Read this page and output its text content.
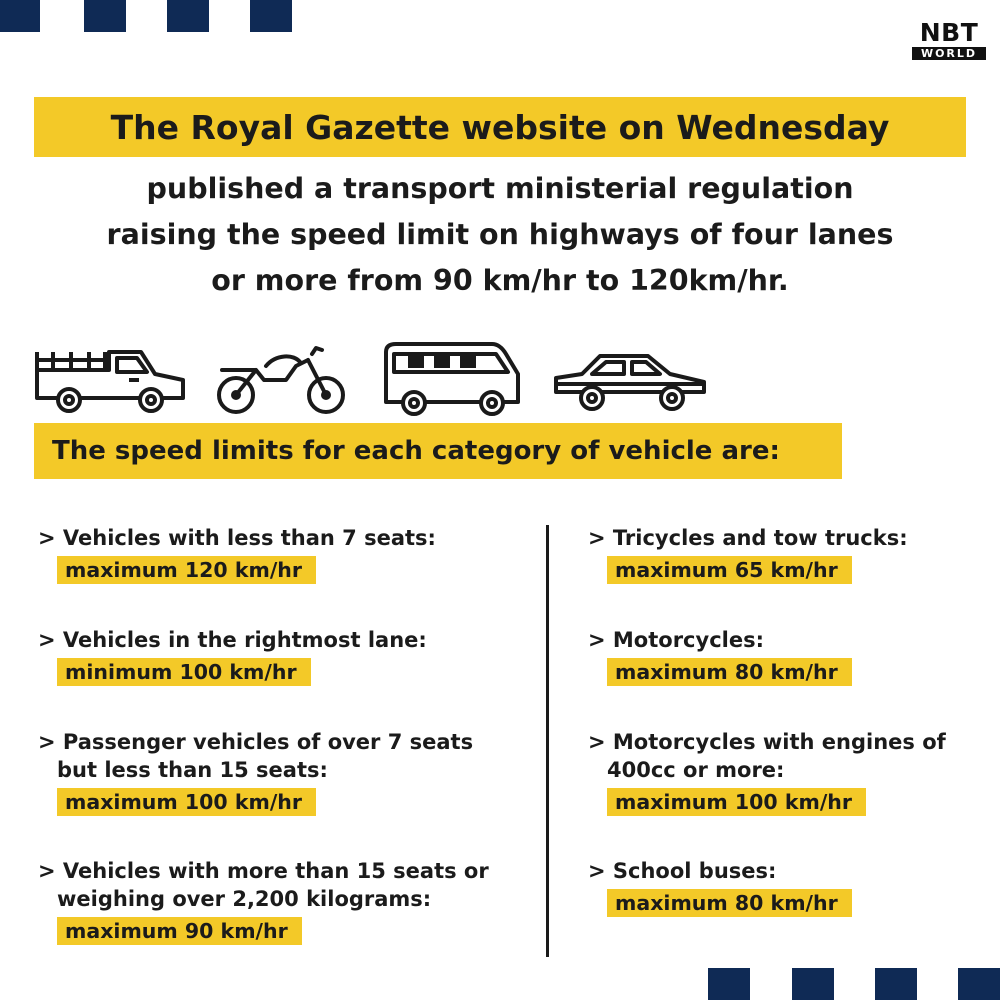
NBT
WORLD
The Royal Gazette website on Wednesday
published a transport ministerial regulation
raising the speed limit on highways of four lanes
or more from 90 km/hr to 120km/hr.
The speed limits for each category of vehicle are:
> Vehicles with less than 7 seats:
maximum 120 km/hr
> Vehicles in the rightmost lane:
minimum 100 km/hr
> Passenger vehicles of over 7 seats
but less than 15 seats:
maximum 100 km/hr
> Vehicles with more than 15 seats or
weighing over 2,200 kilograms:
maximum 90 km/hr
> Tricycles and tow trucks:
maximum 65 km/hr
> Motorcycles:
maximum 80 km/hr
> Motorcycles with engines of
400cc or more:
maximum 100 km/hr
> School buses:
maximum 80 km/hr
